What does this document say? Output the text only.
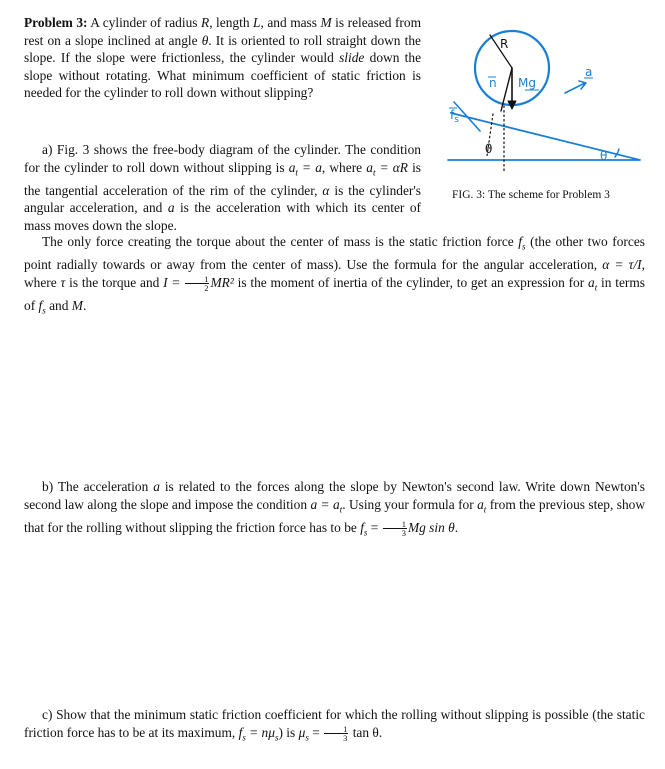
Problem 3: A cylinder of radius R, length L, and mass M is released from rest on a slope inclined at angle θ. It is oriented to roll straight down the slope. If the slope were frictionless, the cylinder would slide down the slope without rotating. What minimum coefficient of static friction is needed for the cylinder to roll down without slipping?
a) Fig. 3 shows the free-body diagram of the cylinder. The condition for the cylinder to roll down without slipping is $a_t = a$, where $a_t = \alpha R$ is the tangential acceleration of the rim of the cylinder, α is the cylinder's angular acceleration, and a is the acceleration with which its center of mass moves down the slope.
The only force creating the torque about the center of mass is the static friction force $f_s$ (the other two forces point radially towards or away from the center of mass). Use the formula for the angular acceleration, α = τ/I, where τ is the torque and $I = \frac{1}{2} MR^2$ is the moment of inertia of the cylinder, to get an expression for $a_t$ in terms of $f_s$ and M.
b) The acceleration a is related to the forces along the slope by Newton's second law. Write down Newton's second law along the slope and impose the condition $a = a_t$. Using your formula for $a_t$ from the previous step, show that for the rolling without slipping the friction force has to be $f_s = \frac{1}{3}$ Mg sin θ.
c) Show that the minimum static friction coefficient for which the rolling without slipping is possible (the static friction force has to be at its maximum, $f_s = n\mu_s$) is $\mu_s = \frac{1}{3}$ tan θ.
R
n Mg
a
$f_s$
θ	θ
FIG. 3: The scheme for Problem 3
